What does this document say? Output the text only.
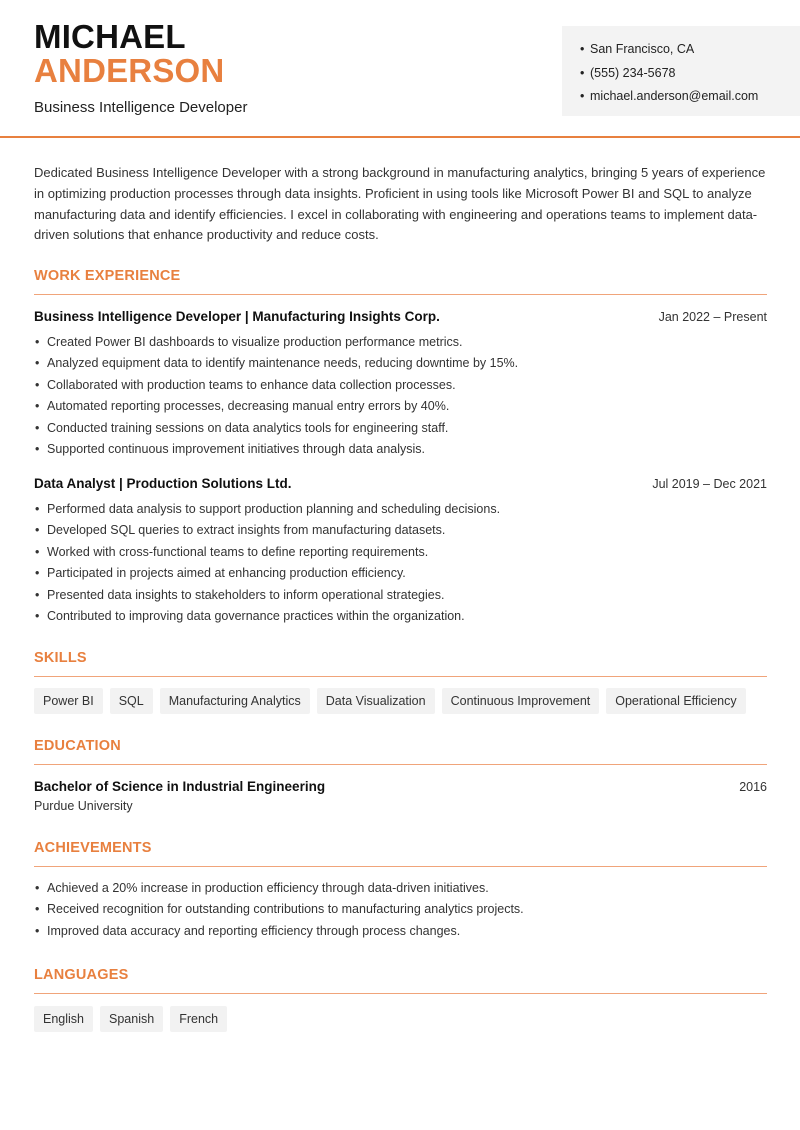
MICHAEL
ANDERSON
Business Intelligence Developer
• San Francisco, CA
• (555) 234-5678
• michael.anderson@email.com
Dedicated Business Intelligence Developer with a strong background in manufacturing analytics, bringing 5 years of experience in optimizing production processes through data insights. Proficient in using tools like Microsoft Power BI and SQL to analyze manufacturing data and identify efficiencies. I excel in collaborating with engineering and operations teams to implement data-driven solutions that enhance productivity and reduce costs.
WORK EXPERIENCE
Business Intelligence Developer | Manufacturing Insights Corp.	Jan 2022 – Present
• Created Power BI dashboards to visualize production performance metrics.
• Analyzed equipment data to identify maintenance needs, reducing downtime by 15%.
• Collaborated with production teams to enhance data collection processes.
• Automated reporting processes, decreasing manual entry errors by 40%.
• Conducted training sessions on data analytics tools for engineering staff.
• Supported continuous improvement initiatives through data analysis.
Data Analyst | Production Solutions Ltd.	Jul 2019 – Dec 2021
• Performed data analysis to support production planning and scheduling decisions.
• Developed SQL queries to extract insights from manufacturing datasets.
• Worked with cross-functional teams to define reporting requirements.
• Participated in projects aimed at enhancing production efficiency.
• Presented data insights to stakeholders to inform operational strategies.
• Contributed to improving data governance practices within the organization.
SKILLS
Power BI	SQL	Manufacturing Analytics	Data Visualization	Continuous Improvement	Operational Efficiency
EDUCATION
Bachelor of Science in Industrial Engineering	2016
Purdue University
ACHIEVEMENTS
• Achieved a 20% increase in production efficiency through data-driven initiatives.
• Received recognition for outstanding contributions to manufacturing analytics projects.
• Improved data accuracy and reporting efficiency through process changes.
LANGUAGES
English	Spanish	French
